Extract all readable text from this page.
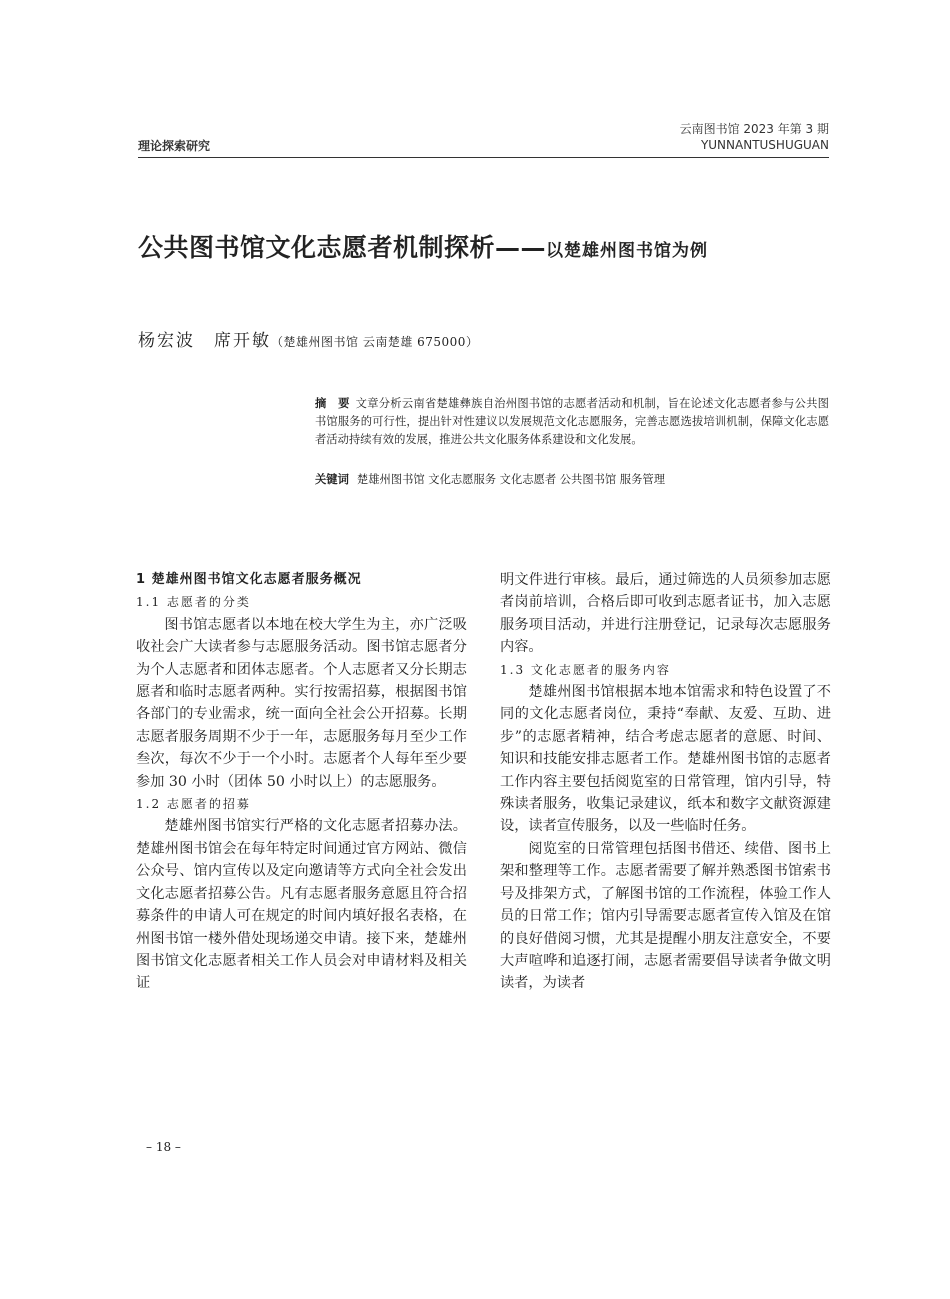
理论探索研究
云南图书馆 2023 年第 3 期
YUNNANTUSHUGUAN
公共图书馆文化志愿者机制探析——以楚雄州图书馆为例
杨宏波　席开敏（楚雄州图书馆 云南楚雄 675000）
摘　要 文章分析云南省楚雄彝族自治州图书馆的志愿者活动和机制，旨在论述文化志愿者参与公共图书馆服务的可行性，提出针对性建议以发展规范文化志愿服务，完善志愿选拔培训机制，保障文化志愿者活动持续有效的发展，推进公共文化服务体系建设和文化发展。
关键词 楚雄州图书馆 文化志愿服务 文化志愿者 公共图书馆 服务管理

1 楚雄州图书馆文化志愿者服务概况

1.1 志愿者的分类

图书馆志愿者以本地在校大学生为主，亦广泛吸收社会广大读者参与志愿服务活动。图书馆志愿者分为个人志愿者和团体志愿者。个人志愿者又分长期志愿者和临时志愿者两种。实行按需招募，根据图书馆各部门的专业需求，统一面向全社会公开招募。长期志愿者服务周期不少于一年，志愿服务每月至少工作叁次，每次不少于一个小时。志愿者个人每年至少要参加 30 小时（团体 50 小时以上）的志愿服务。

1.2 志愿者的招募

楚雄州图书馆实行严格的文化志愿者招募办法。楚雄州图书馆会在每年特定时间通过官方网站、微信公众号、馆内宣传以及定向邀请等方式向全社会发出文化志愿者招募公告。凡有志愿者服务意愿且符合招募条件的申请人可在规定的时间内填好报名表格，在州图书馆一楼外借处现场递交申请。接下来，楚雄州图书馆文化志愿者相关工作人员会对申请材料及相关证

明文件进行审核。最后，通过筛选的人员须参加志愿者岗前培训，合格后即可收到志愿者证书，加入志愿服务项目活动，并进行注册登记，记录每次志愿服务内容。

1.3 文化志愿者的服务内容

楚雄州图书馆根据本地本馆需求和特色设置了不同的文化志愿者岗位，秉持“奉献、友爱、互助、进步”的志愿者精神，结合考虑志愿者的意愿、时间、知识和技能安排志愿者工作。楚雄州图书馆的志愿者工作内容主要包括阅览室的日常管理，馆内引导，特殊读者服务，收集记录建议，纸本和数字文献资源建设，读者宣传服务，以及一些临时任务。

阅览室的日常管理包括图书借还、续借、图书上架和整理等工作。志愿者需要了解并熟悉图书馆索书号及排架方式，了解图书馆的工作流程，体验工作人员的日常工作；馆内引导需要志愿者宣传入馆及在馆的良好借阅习惯，尤其是提醒小朋友注意安全，不要大声喧哗和追逐打闹，志愿者需要倡导读者争做文明读者，为读者

– 18 –
